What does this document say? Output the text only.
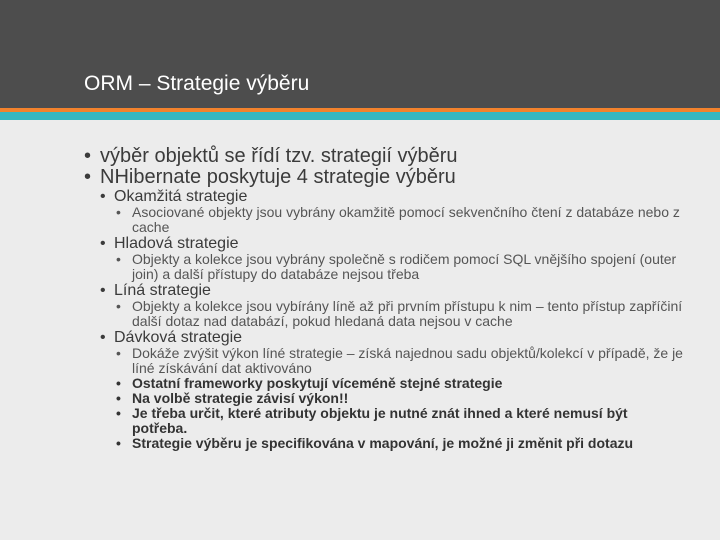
ORM – Strategie výběru
• výběr objektů se řídí tzv. strategií výběru
• NHibernate poskytuje 4 strategie výběru
• Okamžitá strategie
• Asociované objekty jsou vybrány okamžitě pomocí sekvenčního čtení z databáze nebo z cache
• Hladová strategie
• Objekty a kolekce jsou vybrány společně s rodičem pomocí SQL vnějšího spojení (outer join) a další přístupy do databáze nejsou třeba
• Líná strategie
• Objekty a kolekce jsou vybírány líně až při prvním přístupu k nim – tento přístup zapříčiní další dotaz nad databází, pokud hledaná data nejsou v cache
• Dávková strategie
• Dokáže zvýšit výkon líné strategie – získá najednou sadu objektů/kolekcí v případě, že je líné získávání dat aktivováno
• Ostatní frameworky poskytují víceméně stejné strategie
• Na volbě strategie závisí výkon!!
• Je třeba určit, které atributy objektu je nutné znát ihned a které nemusí být potřeba.
• Strategie výběru je specifikována v mapování, je možné ji změnit při dotazu
